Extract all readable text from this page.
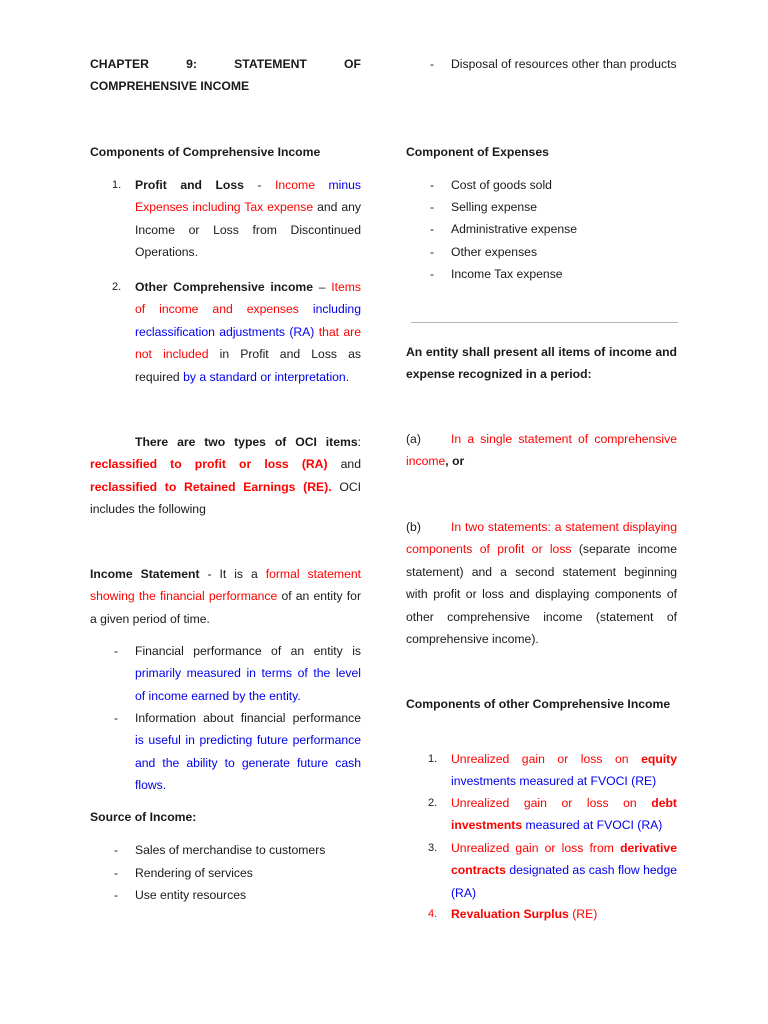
CHAPTER	9:	STATEMENT	OF
COMPREHENSIVE INCOME

Components of Comprehensive Income

1. Profit and Loss - Income minus Expenses including Tax expense and any Income or Loss from Discontinued Operations.
2. Other Comprehensive income – Items of income and expenses including reclassification adjustments (RA) that are not included in Profit and Loss as required by a standard or interpretation.

There are two types of OCI items: reclassified to profit or loss (RA) and reclassified to Retained Earnings (RE). OCI includes the following

Income Statement - It is a formal statement showing the financial performance of an entity for a given period of time.

- Financial performance of an entity is primarily measured in terms of the level of income earned by the entity.
- Information about financial performance is useful in predicting future performance and the ability to generate future cash flows.

Source of Income:

- Sales of merchandise to customers
- Rendering of services
- Use entity resources
- Disposal of resources other than products

Component of Expenses

- Cost of goods sold
- Selling expense
- Administrative expense
- Other expenses
- Income Tax expense

An entity shall present all items of income and expense recognized in a period:

(a) In a single statement of comprehensive income, or

(b) In two statements: a statement displaying components of profit or loss (separate income statement) and a second statement beginning with profit or loss and displaying components of other comprehensive income (statement of comprehensive income).

Components of other Comprehensive Income

1. Unrealized gain or loss on equity investments measured at FVOCI (RE)
2. Unrealized gain or loss on debt investments measured at FVOCI (RA)
3. Unrealized gain or loss from derivative contracts designated as cash flow hedge (RA)
4. Revaluation Surplus (RE)
